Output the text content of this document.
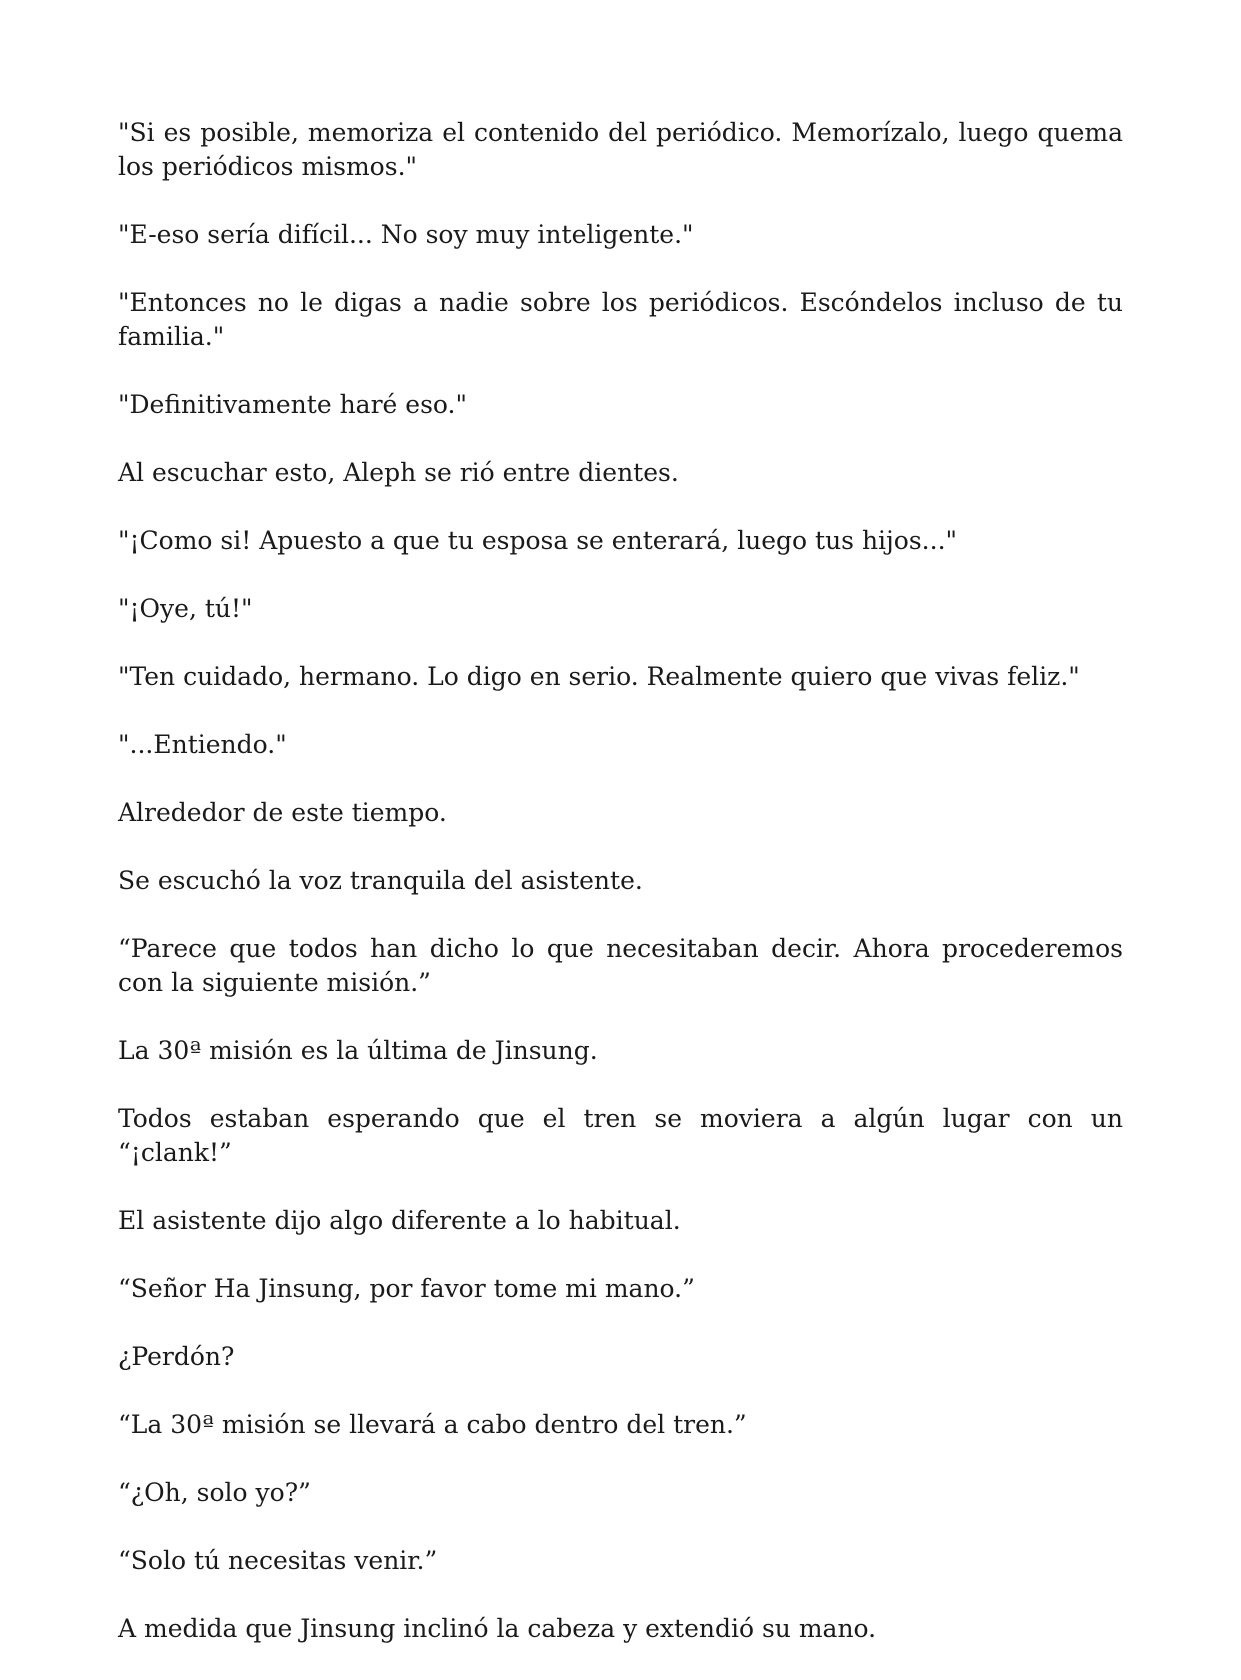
"Si es posible, memoriza el contenido del periódico. Memorízalo, luego quema los periódicos mismos."

"E-eso sería difícil... No soy muy inteligente."

"Entonces no le digas a nadie sobre los periódicos. Escóndelos incluso de tu familia."

"Definitivamente haré eso."

Al escuchar esto, Aleph se rió entre dientes.

"¡Como si! Apuesto a que tu esposa se enterará, luego tus hijos..."

"¡Oye, tú!"

"Ten cuidado, hermano. Lo digo en serio. Realmente quiero que vivas feliz."

"...Entiendo."

Alrededor de este tiempo.

Se escuchó la voz tranquila del asistente.

“Parece que todos han dicho lo que necesitaban decir. Ahora procederemos con la siguiente misión.”

La 30ª misión es la última de Jinsung.

Todos estaban esperando que el tren se moviera a algún lugar con un “¡clank!”

El asistente dijo algo diferente a lo habitual.

“Señor Ha Jinsung, por favor tome mi mano.”

¿Perdón?

“La 30ª misión se llevará a cabo dentro del tren.”

“¿Oh, solo yo?”

“Solo tú necesitas venir.”

A medida que Jinsung inclinó la cabeza y extendió su mano.
